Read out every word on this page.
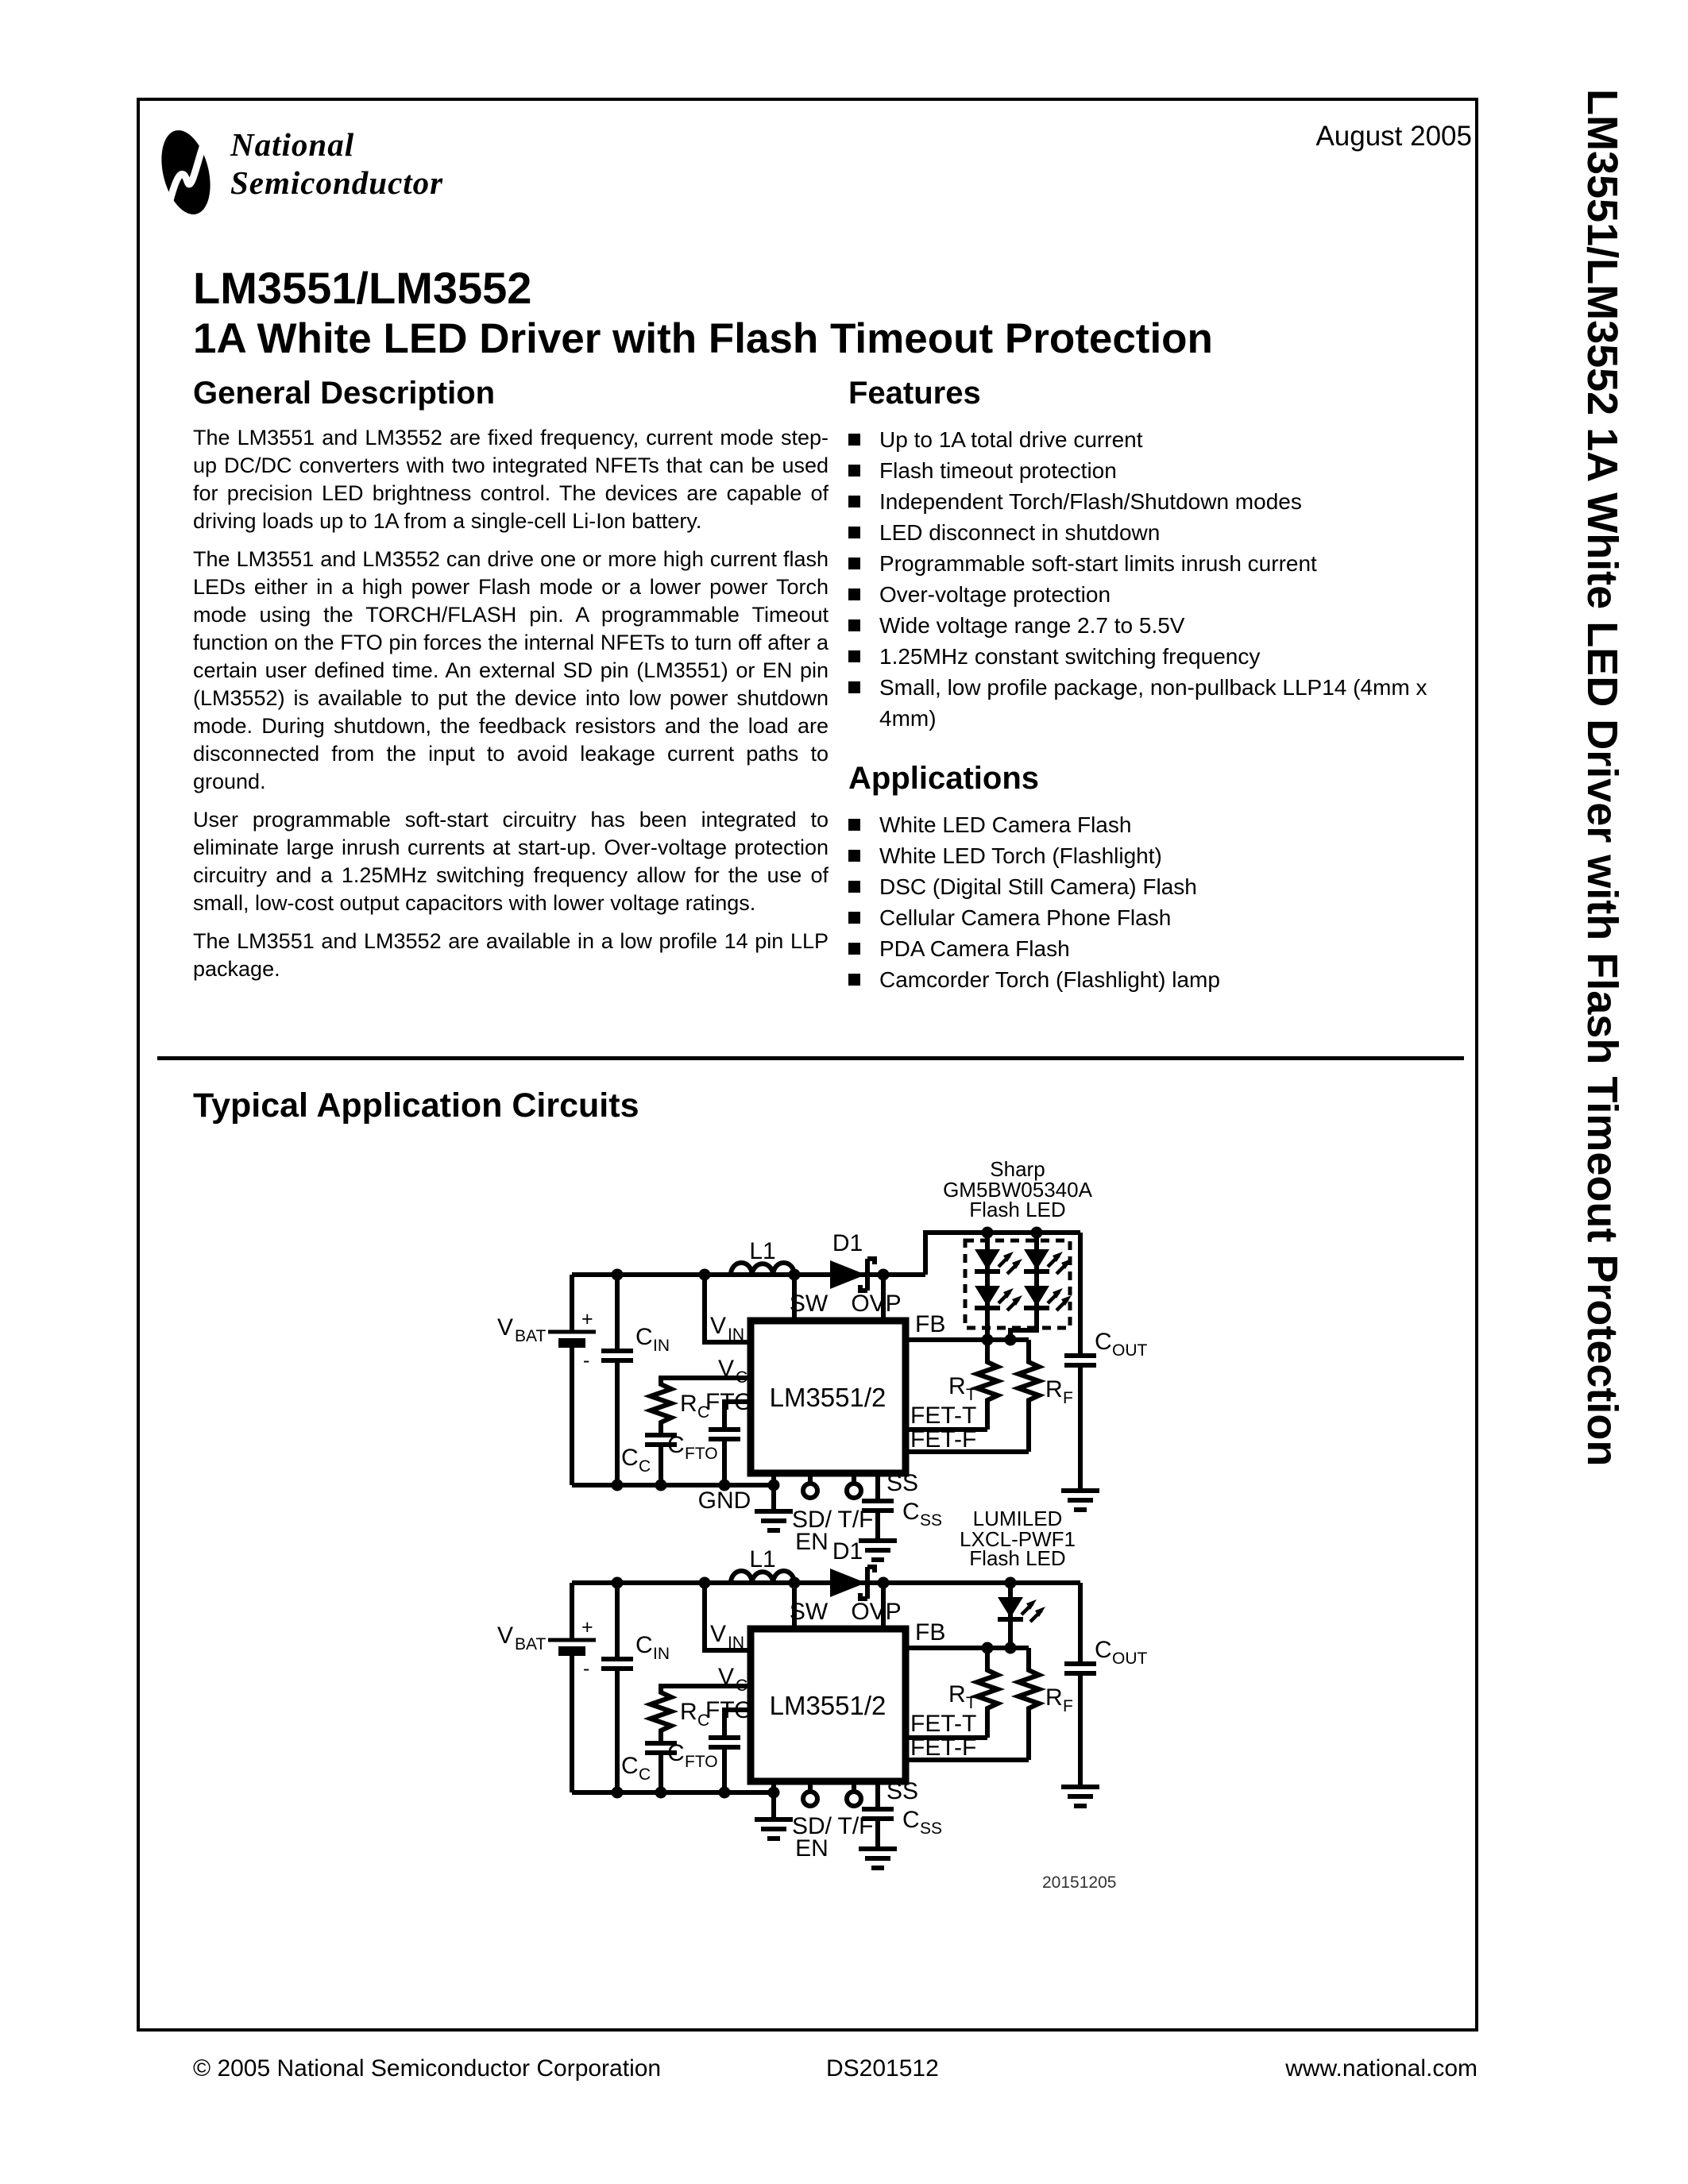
August 2005
National
Semiconductor
LM3551/LM3552
1A White LED Driver with Flash Timeout Protection
General Description

The LM3551 and LM3552 are fixed frequency, current mode step-up DC/DC converters with two integrated NFETs that can be used for precision LED brightness control. The devices are capable of driving loads up to 1A from a single-cell Li-Ion battery.

The LM3551 and LM3552 can drive one or more high current flash LEDs either in a high power Flash mode or a lower power Torch mode using the TORCH/FLASH pin. A programmable Timeout function on the FTO pin forces the internal NFETs to turn off after a certain user defined time. An external SD pin (LM3551) or EN pin (LM3552) is available to put the device into low power shutdown mode. During shutdown, the feedback resistors and the load are disconnected from the input to avoid leakage current paths to ground.

User programmable soft-start circuitry has been integrated to eliminate large inrush currents at start-up. Over-voltage protection circuitry and a 1.25MHz switching frequency allow for the use of small, low-cost output capacitors with lower voltage ratings.

The LM3551 and LM3552 are available in a low profile 14 pin LLP package.

Features
Up to 1A total drive current
Flash timeout protection
Independent Torch/Flash/Shutdown modes
LED disconnect in shutdown
Programmable soft-start limits inrush current
Over-voltage protection
Wide voltage range 2.7 to 5.5V
1.25MHz constant switching frequency
Small, low profile package, non-pullback LLP14 (4mm x 4mm)
Applications
White LED Camera Flash
White LED Torch (Flashlight)
DSC (Digital Still Camera) Flash
Cellular Camera Phone Flash
PDA Camera Flash
Camcorder Torch (Flashlight) lamp
Typical Application Circuits
V BAT
+
-
C IN
L1 D1
SW OVP
V IN
V C
FTO
R C
C C
C FTO
GND
SD/
EN
T/F
SS
C SS
FB
FET-T
FET-F
R T	R F
C OUT
LM3551/2
Sharp
GM5BW05340A
Flash LED
V BAT
+
-
C IN
L1 D1
SW OVP
V IN
V C
FTO
R C
C C
C FTO
SD/
EN
T/F
SS
C SS
FB
FET-T
FET-F
R T	R F
C OUT
LM3551/2
LUMILED
LXCL-PWF1
Flash LED
20151205
LM3551/LM3552 1A White LED Driver with Flash Timeout Protection
© 2005 National Semiconductor Corporation	DS201512	www.national.com
